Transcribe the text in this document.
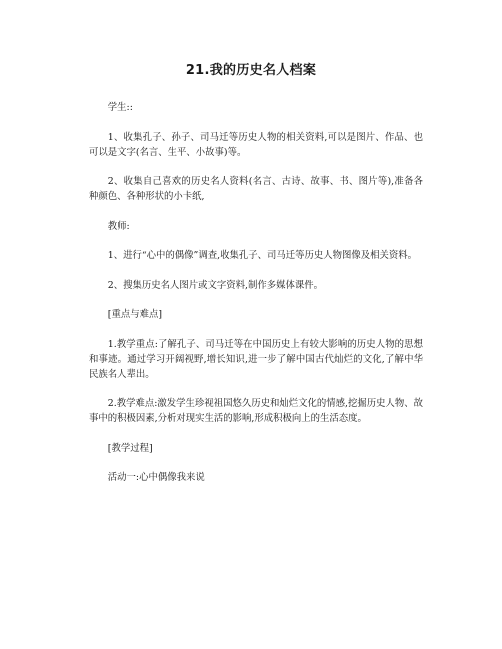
21.我的历史名人档案

学生::

1、收集孔子、孙子、司马迁等历史人物的相关资料,可以是图片、作品、也可以是文字(名言、生平、小故事)等。

2、收集自己喜欢的历史名人资料(名言、古诗、故事、书、图片等),准备各种颜色、各种形状的小卡纸,

教师:

1、进行“心中的偶像”调查,收集孔子、司马迁等历史人物图像及相关资料。

2、搜集历史名人图片或文字资料,制作多媒体课件。

[重点与难点]

1.教学重点:了解孔子、司马迁等在中国历史上有较大影响的历史人物的思想和事迹。通过学习开阔视野,增长知识,进一步了解中国古代灿烂的文化,了解中华民族名人辈出。

2.教学难点:激发学生珍视祖国悠久历史和灿烂文化的情感,挖掘历史人物、故事中的积极因素,分析对现实生活的影响,形成积极向上的生活态度。

[教学过程]

活动一:心中偶像我来说
